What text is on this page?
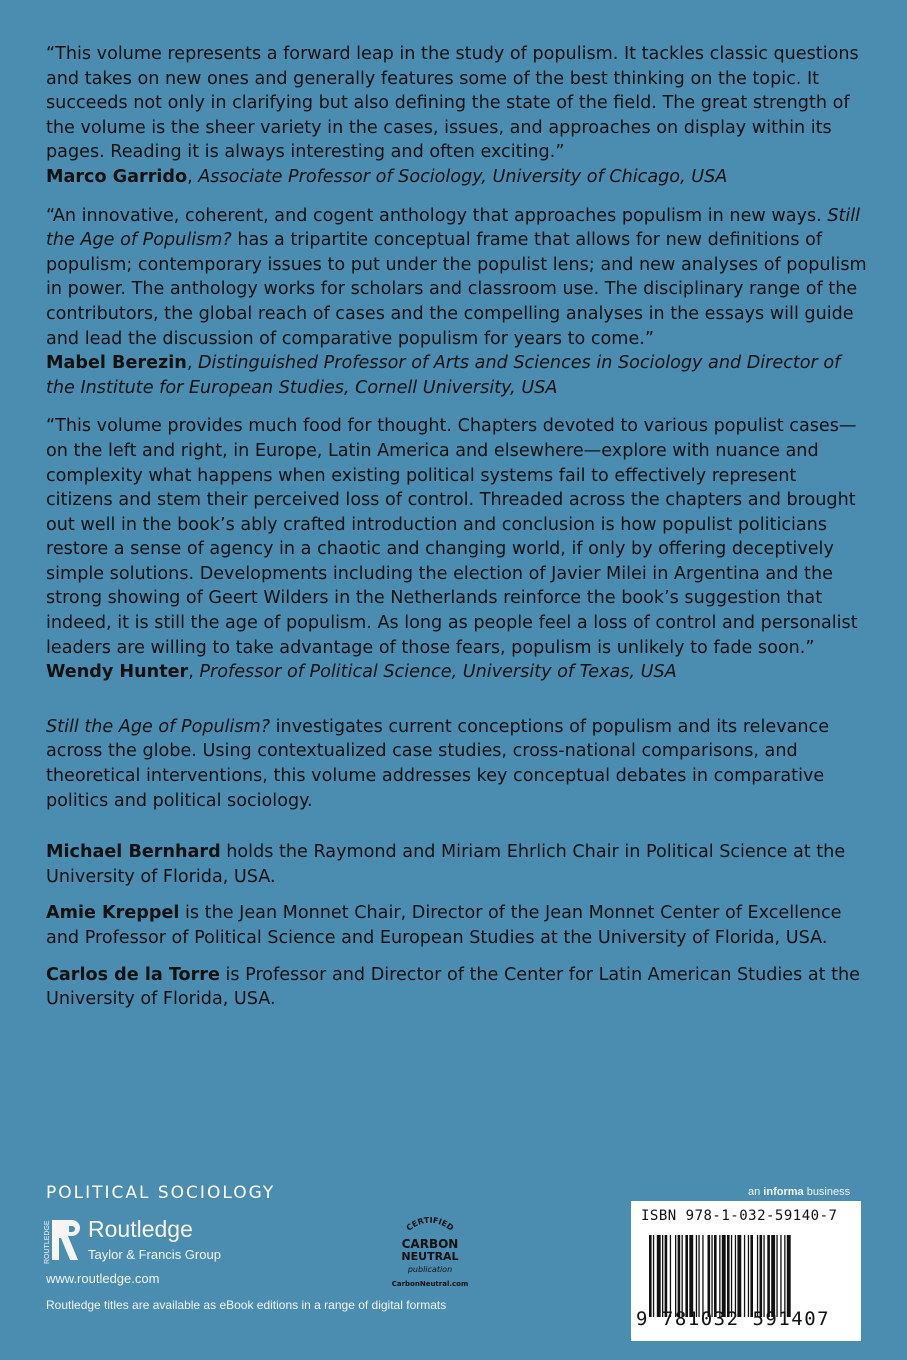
“This volume represents a forward leap in the study of populism. It tackles classic questions and takes on new ones and generally features some of the best thinking on the topic. It succeeds not only in clarifying but also defining the state of the field. The great strength of the volume is the sheer variety in the cases, issues, and approaches on display within its pages. Reading it is always interesting and often exciting.”
Marco Garrido, Associate Professor of Sociology, University of Chicago, USA
“An innovative, coherent, and cogent anthology that approaches populism in new ways. Still the Age of Populism? has a tripartite conceptual frame that allows for new definitions of populism; contemporary issues to put under the populist lens; and new analyses of populism in power. The anthology works for scholars and classroom use. The disciplinary range of the contributors, the global reach of cases and the compelling analyses in the essays will guide and lead the discussion of comparative populism for years to come.”
Mabel Berezin, Distinguished Professor of Arts and Sciences in Sociology and Director of the Institute for European Studies, Cornell University, USA
“This volume provides much food for thought. Chapters devoted to various populist cases—on the left and right, in Europe, Latin America and elsewhere—explore with nuance and complexity what happens when existing political systems fail to effectively represent citizens and stem their perceived loss of control. Threaded across the chapters and brought out well in the book’s ably crafted introduction and conclusion is how populist politicians restore a sense of agency in a chaotic and changing world, if only by offering deceptively simple solutions. Developments including the election of Javier Milei in Argentina and the strong showing of Geert Wilders in the Netherlands reinforce the book’s suggestion that indeed, it is still the age of populism. As long as people feel a loss of control and personalist leaders are willing to take advantage of those fears, populism is unlikely to fade soon.”
Wendy Hunter, Professor of Political Science, University of Texas, USA
Still the Age of Populism? investigates current conceptions of populism and its relevance across the globe. Using contextualized case studies, cross-national comparisons, and theoretical interventions, this volume addresses key conceptual debates in comparative politics and political sociology.
Michael Bernhard holds the Raymond and Miriam Ehrlich Chair in Political Science at the University of Florida, USA.
Amie Kreppel is the Jean Monnet Chair, Director of the Jean Monnet Center of Excellence and Professor of Political Science and European Studies at the University of Florida, USA.
Carlos de la Torre is Professor and Director of the Center for Latin American Studies at the University of Florida, USA.
POLITICAL SOCIOLOGY
ROUTLEDGE Routledge
Taylor & Francis Group
www.routledge.com
Routledge titles are available as eBook editions in a range of digital formats
CERTIFIED
CARBON
NEUTRAL
publication
CarbonNeutral.com
an informa business
ISBN 978-1-032-59140-7
9 781032 591407
